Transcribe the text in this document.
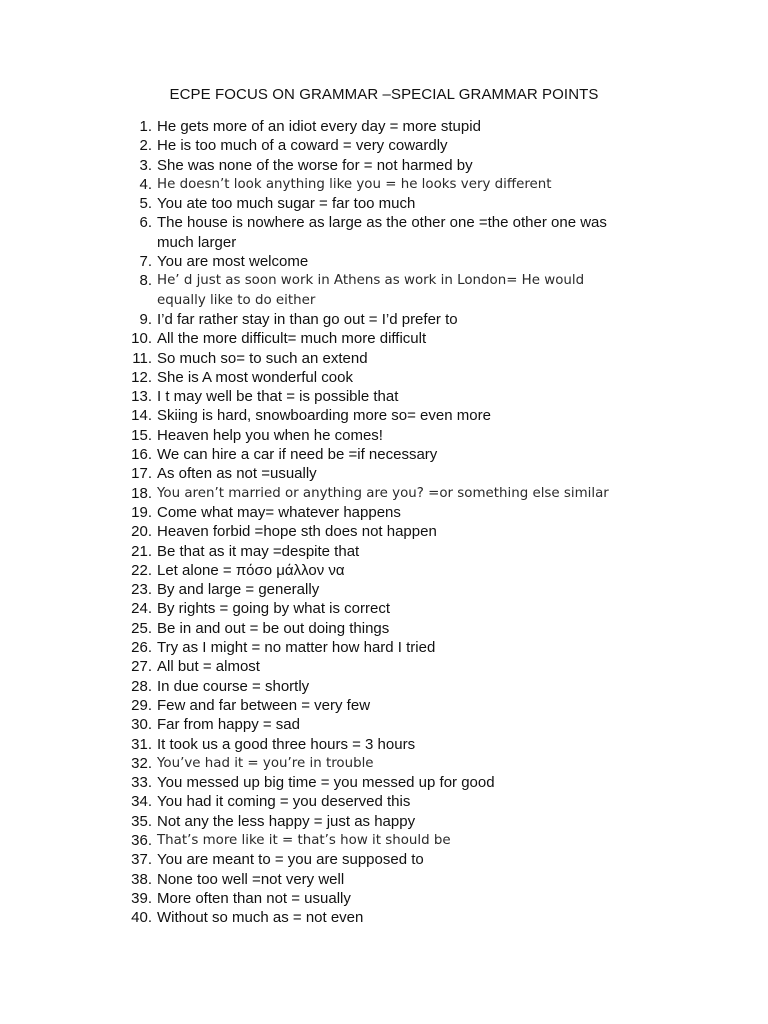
ECPE FOCUS ON GRAMMAR –SPECIAL GRAMMAR POINTS
1. He gets more of an idiot every day = more stupid
2. He is too much of a coward = very cowardly
3. She was none of the worse for = not harmed by
4. He doesn’t look anything like you = he looks very different
5. You ate too much sugar = far too much
6. The house is nowhere as large as the other one =the other one was much larger
7. You are most welcome
8. He’ d just as soon work in Athens as work in London= He would equally like to do either
9. I’d far rather stay in than go out = I’d prefer to
10. All the more difficult= much more difficult
11. So much so= to such an extend
12. She is A most wonderful cook
13. I t may well be that = is possible that
14. Skiing is hard, snowboarding more so= even more
15. Heaven help you when he comes!
16. We can hire a car if need be =if necessary
17. As often as not =usually
18. You aren’t married or anything are you? =or something else similar
19. Come what may= whatever happens
20. Heaven forbid =hope sth does not happen
21. Be that as it may =despite that
22. Let alone = πόσο μάλλον να
23. By and large = generally
24. By rights = going by what is correct
25. Be in and out = be out doing things
26. Try as I might = no matter how hard I tried
27. All but = almost
28. In due course = shortly
29. Few and far between = very few
30. Far from happy = sad
31. It took us a good three hours = 3 hours
32. You’ve had it = you’re in trouble
33. You messed up big time = you messed up for good
34. You had it coming = you deserved this
35. Not any the less happy = just as happy
36. That’s more like it = that’s how it should be
37. You are meant to = you are supposed to
38. None too well =not very well
39. More often than not = usually
40. Without so much as = not even
